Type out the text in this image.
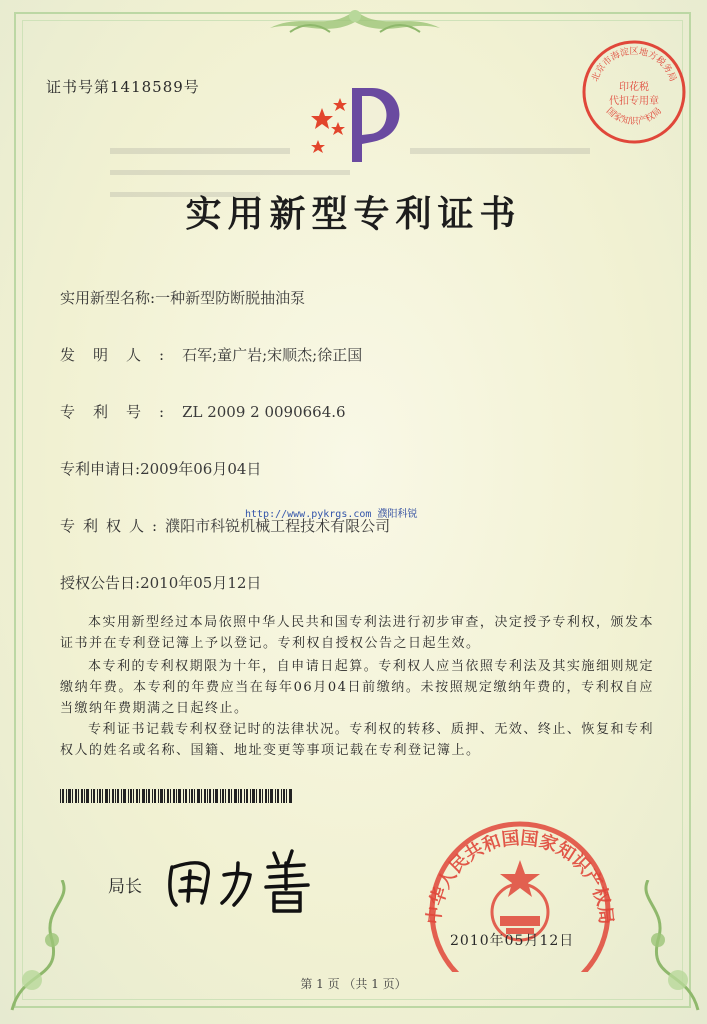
证书号第1418589号
北京市海淀区地方税务局
印花税
代扣专用章
国家知识产权局
实用新型专利证书
实用新型名称:一种新型防断脱抽油泵
发明人:石军;童广岩;宋顺杰;徐正国
专利号:ZL 2009 2 0090664.6
专利申请日:2009年06月04日
http://www.pykrgs.com 濮阳科锐
专利权人:濮阳市科锐机械工程技术有限公司
授权公告日:2010年05月12日
本实用新型经过本局依照中华人民共和国专利法进行初步审查，决定授予专利权，颁发本证书并在专利登记簿上予以登记。专利权自授权公告之日起生效。
本专利的专利权期限为十年，自申请日起算。专利权人应当依照专利法及其实施细则规定缴纳年费。本专利的年费应当在每年06月04日前缴纳。未按照规定缴纳年费的，专利权自应当缴纳年费期满之日起终止。
专利证书记载专利权登记时的法律状况。专利权的转移、质押、无效、终止、恢复和专利权人的姓名或名称、国籍、地址变更等事项记载在专利登记簿上。
局长
中华人民共和国国家知识产权局
2010年05月12日
第 1 页 （共 1 页）
